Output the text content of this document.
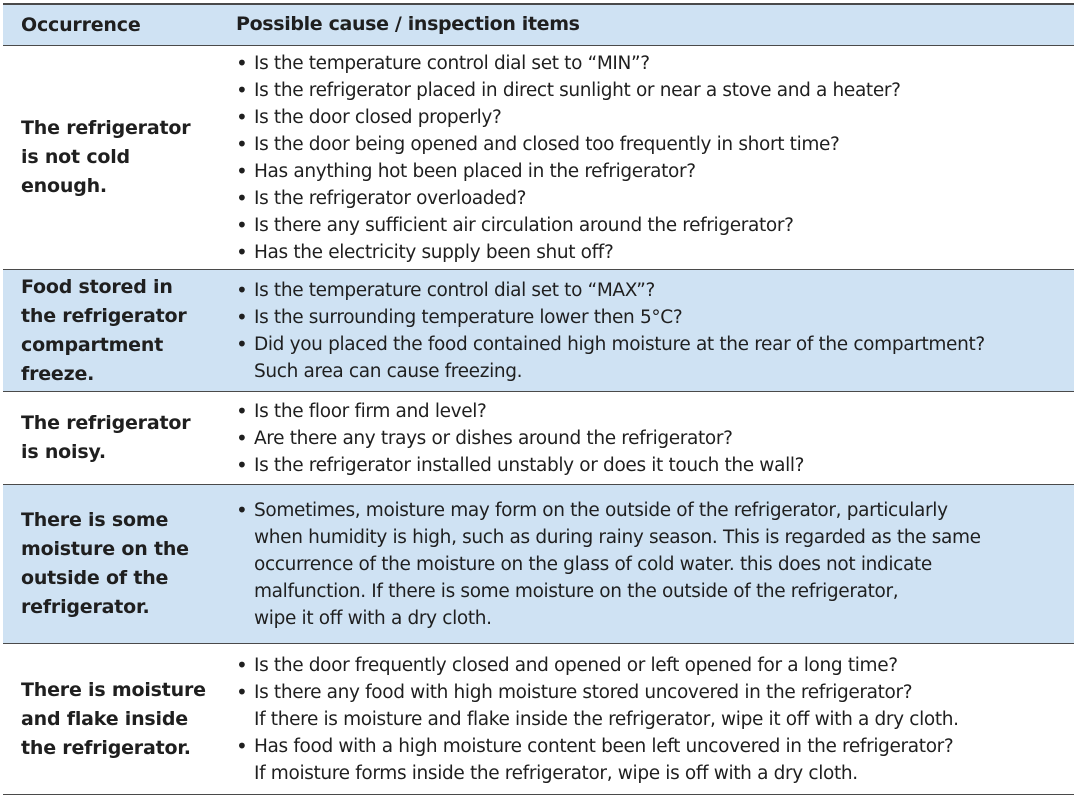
Occurrence	Possible cause / inspection items
The refrigerator
is not cold
enough.
• Is the temperature control dial set to “MIN”?
• Is the refrigerator placed in direct sunlight or near a stove and a heater?
• Is the door closed properly?
• Is the door being opened and closed too frequently in short time?
• Has anything hot been placed in the refrigerator?
• Is the refrigerator overloaded?
• Is there any sufficient air circulation around the refrigerator?
• Has the electricity supply been shut off?
Food stored in
the refrigerator
compartment
freeze.
• Is the temperature control dial set to “MAX”?
• Is the surrounding temperature lower then 5°C?
• Did you placed the food contained high moisture at the rear of the compartment?
Such area can cause freezing.
The refrigerator
is noisy.
• Is the floor firm and level?
• Are there any trays or dishes around the refrigerator?
• Is the refrigerator installed unstably or does it touch the wall?
There is some
moisture on the
outside of the
refrigerator.
• Sometimes, moisture may form on the outside of the refrigerator, particularly
when humidity is high, such as during rainy season. This is regarded as the same
occurrence of the moisture on the glass of cold water. this does not indicate
malfunction. If there is some moisture on the outside of the refrigerator,
wipe it off with a dry cloth.
There is moisture
and flake inside
the refrigerator.
• Is the door frequently closed and opened or left opened for a long time?
• Is there any food with high moisture stored uncovered in the refrigerator?
If there is moisture and flake inside the refrigerator, wipe it off with a dry cloth.
• Has food with a high moisture content been left uncovered in the refrigerator?
If moisture forms inside the refrigerator, wipe is off with a dry cloth.
